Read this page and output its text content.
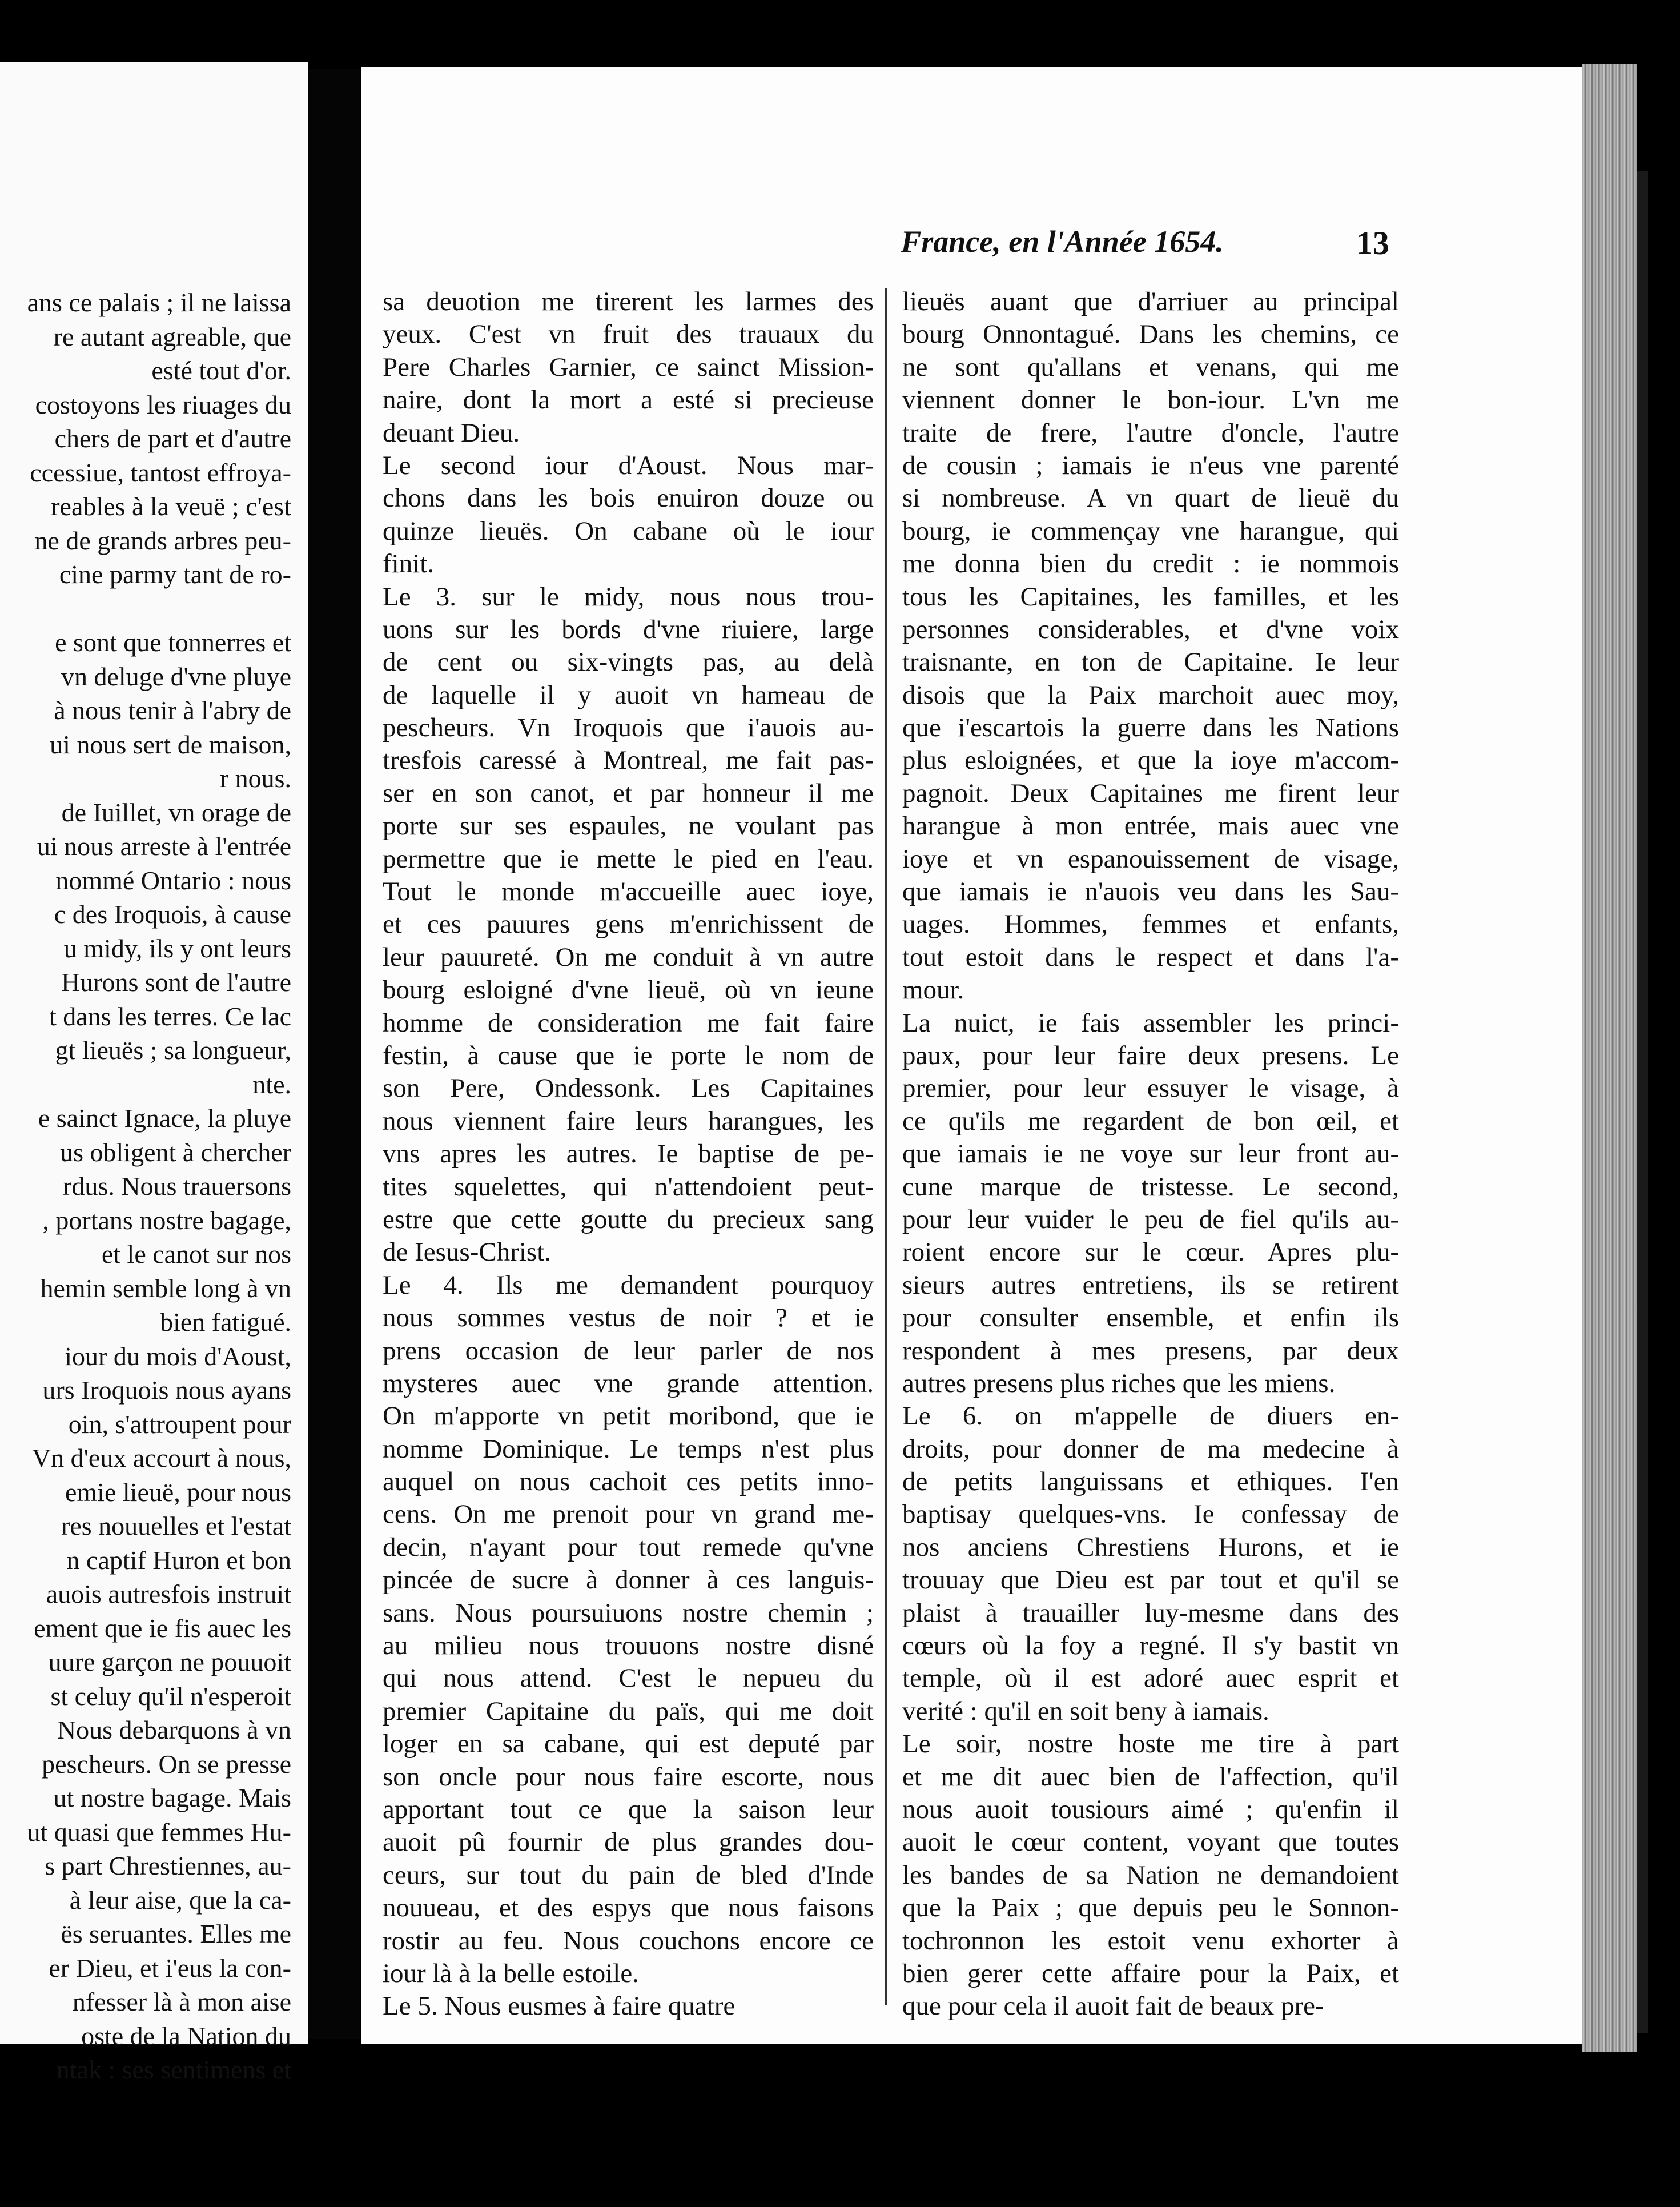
ans ce palais ; il ne laissa
re autant agreable, que
esté tout d'or.
costoyons les riuages du
chers de part et d'autre
ccessiue, tantost effroya-
reables à la veuë ; c'est
ne de grands arbres peu-
cine parmy tant de ro-
e sont que tonnerres et
vn deluge d'vne pluye
à nous tenir à l'abry de
ui nous sert de maison,
r nous.
de Iuillet, vn orage de
ui nous arreste à l'entrée
nommé Ontario : nous
c des Iroquois, à cause
u midy, ils y ont leurs
Hurons sont de l'autre
t dans les terres. Ce lac
gt lieuës ; sa longueur,
nte.
e sainct Ignace, la pluye
us obligent à chercher
rdus. Nous trauersons
, portans nostre bagage,
et le canot sur nos
hemin semble long à vn
bien fatigué.
iour du mois d'Aoust,
urs Iroquois nous ayans
oin, s'attroupent pour
Vn d'eux accourt à nous,
emie lieuë, pour nous
res nouuelles et l'estat
n captif Huron et bon
auois autresfois instruit
ement que ie fis auec les
uure garçon ne pouuoit
st celuy qu'il n'esperoit
Nous debarquons à vn
pescheurs. On se presse
ut nostre bagage. Mais
ut quasi que femmes Hu-
s part Chrestiennes, au-
à leur aise, que la ca-
ës seruantes. Elles me
er Dieu, et i'eus la con-
nfesser là à mon aise
oste de la Nation du
ntak : ses sentimens et
France, en l'Année 1654.	13
sa deuotion me tirerent les larmes des
yeux. C'est vn fruit des trauaux du
Pere Charles Garnier, ce sainct Mission-
naire, dont la mort a esté si precieuse
deuant Dieu.
Le second iour d'Aoust. Nous mar-
chons dans les bois enuiron douze ou
quinze lieuës. On cabane où le iour
finit.
Le 3. sur le midy, nous nous trou-
uons sur les bords d'vne riuiere, large
de cent ou six-vingts pas, au delà
de laquelle il y auoit vn hameau de
pescheurs. Vn Iroquois que i'auois au-
tresfois caressé à Montreal, me fait pas-
ser en son canot, et par honneur il me
porte sur ses espaules, ne voulant pas
permettre que ie mette le pied en l'eau.
Tout le monde m'accueille auec ioye,
et ces pauures gens m'enrichissent de
leur pauureté. On me conduit à vn autre
bourg esloigné d'vne lieuë, où vn ieune
homme de consideration me fait faire
festin, à cause que ie porte le nom de
son Pere, Ondessonk. Les Capitaines
nous viennent faire leurs harangues, les
vns apres les autres. Ie baptise de pe-
tites squelettes, qui n'attendoient peut-
estre que cette goutte du precieux sang
de Iesus-Christ.
Le 4. Ils me demandent pourquoy
nous sommes vestus de noir ? et ie
prens occasion de leur parler de nos
mysteres auec vne grande attention.
On m'apporte vn petit moribond, que ie
nomme Dominique. Le temps n'est plus
auquel on nous cachoit ces petits inno-
cens. On me prenoit pour vn grand me-
decin, n'ayant pour tout remede qu'vne
pincée de sucre à donner à ces languis-
sans. Nous poursuiuons nostre chemin ;
au milieu nous trouuons nostre disné
qui nous attend. C'est le nepueu du
premier Capitaine du païs, qui me doit
loger en sa cabane, qui est deputé par
son oncle pour nous faire escorte, nous
apportant tout ce que la saison leur
auoit pû fournir de plus grandes dou-
ceurs, sur tout du pain de bled d'Inde
nouueau, et des espys que nous faisons
rostir au feu. Nous couchons encore ce
iour là à la belle estoile.
Le 5. Nous eusmes à faire quatre
lieuës auant que d'arriuer au principal
bourg Onnontagué. Dans les chemins, ce
ne sont qu'allans et venans, qui me
viennent donner le bon-iour. L'vn me
traite de frere, l'autre d'oncle, l'autre
de cousin ; iamais ie n'eus vne parenté
si nombreuse. A vn quart de lieuë du
bourg, ie commençay vne harangue, qui
me donna bien du credit : ie nommois
tous les Capitaines, les familles, et les
personnes considerables, et d'vne voix
traisnante, en ton de Capitaine. Ie leur
disois que la Paix marchoit auec moy,
que i'escartois la guerre dans les Nations
plus esloignées, et que la ioye m'accom-
pagnoit. Deux Capitaines me firent leur
harangue à mon entrée, mais auec vne
ioye et vn espanouissement de visage,
que iamais ie n'auois veu dans les Sau-
uages. Hommes, femmes et enfants,
tout estoit dans le respect et dans l'a-
mour.
La nuict, ie fais assembler les princi-
paux, pour leur faire deux presens. Le
premier, pour leur essuyer le visage, à
ce qu'ils me regardent de bon œil, et
que iamais ie ne voye sur leur front au-
cune marque de tristesse. Le second,
pour leur vuider le peu de fiel qu'ils au-
roient encore sur le cœur. Apres plu-
sieurs autres entretiens, ils se retirent
pour consulter ensemble, et enfin ils
respondent à mes presens, par deux
autres presens plus riches que les miens.
Le 6. on m'appelle de diuers en-
droits, pour donner de ma medecine à
de petits languissans et ethiques. I'en
baptisay quelques-vns. Ie confessay de
nos anciens Chrestiens Hurons, et ie
trouuay que Dieu est par tout et qu'il se
plaist à trauailler luy-mesme dans des
cœurs où la foy a regné. Il s'y bastit vn
temple, où il est adoré auec esprit et
verité : qu'il en soit beny à iamais.
Le soir, nostre hoste me tire à part
et me dit auec bien de l'affection, qu'il
nous auoit tousiours aimé ; qu'enfin il
auoit le cœur content, voyant que toutes
les bandes de sa Nation ne demandoient
que la Paix ; que depuis peu le Sonnon-
tochronnon les estoit venu exhorter à
bien gerer cette affaire pour la Paix, et
que pour cela il auoit fait de beaux pre-
